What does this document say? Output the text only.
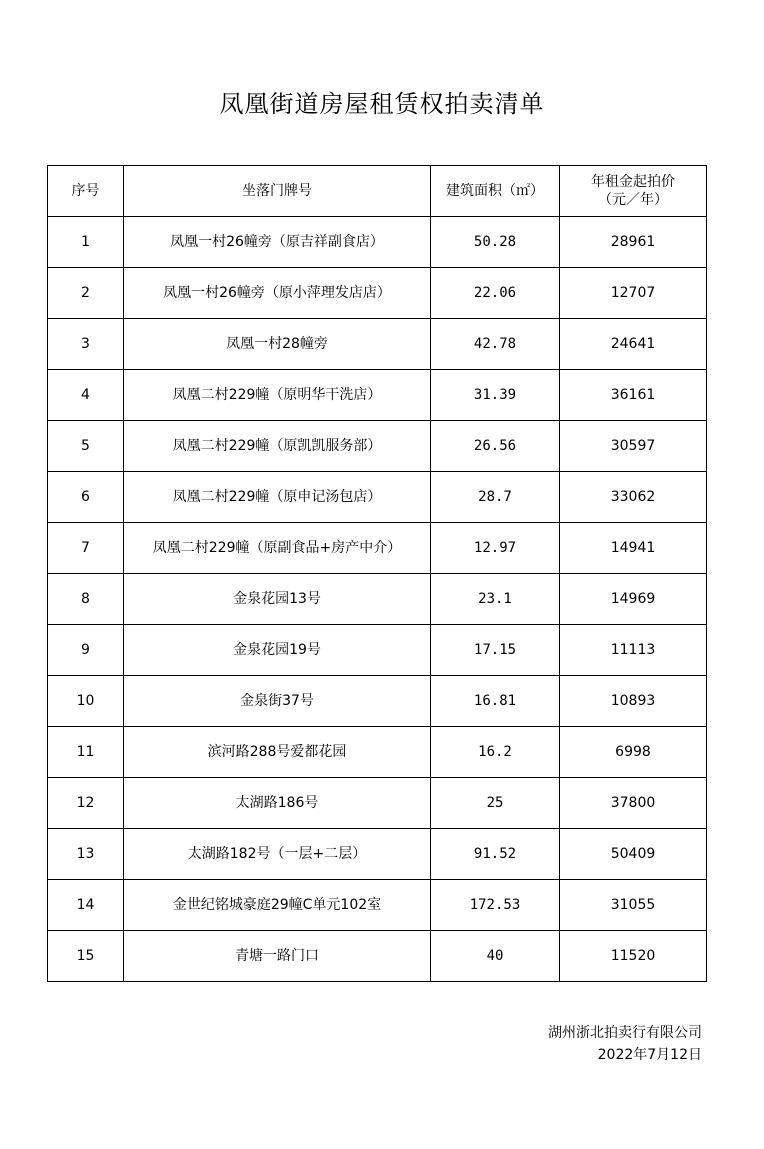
凤凰街道房屋租赁权拍卖清单
序号	坐落门牌号	建筑面积（㎡）	年租金起拍价
（元／年）
1	凤凰一村26幢旁（原吉祥副食店）	50.28	28961
2	凤凰一村26幢旁（原小萍理发店店）	22.06	12707
3	凤凰一村28幢旁	42.78	24641
4	凤凰二村229幢（原明华干洗店）	31.39	36161
5	凤凰二村229幢（原凯凯服务部）	26.56	30597
6	凤凰二村229幢（原申记汤包店）	28.7	33062
7	凤凰二村229幢（原副食品+房产中介）	12.97	14941
8	金泉花园13号	23.1	14969
9	金泉花园19号	17.15	11113
10	金泉街37号	16.81	10893
11	滨河路288号爱都花园	16.2	6998
12	太湖路186号	25	37800
13	太湖路182号（一层+二层）	91.52	50409
14	金世纪铭城豪庭29幢C单元102室	172.53	31055
15	青塘一路门口	40	11520
湖州浙北拍卖行有限公司
2022年7月12日
